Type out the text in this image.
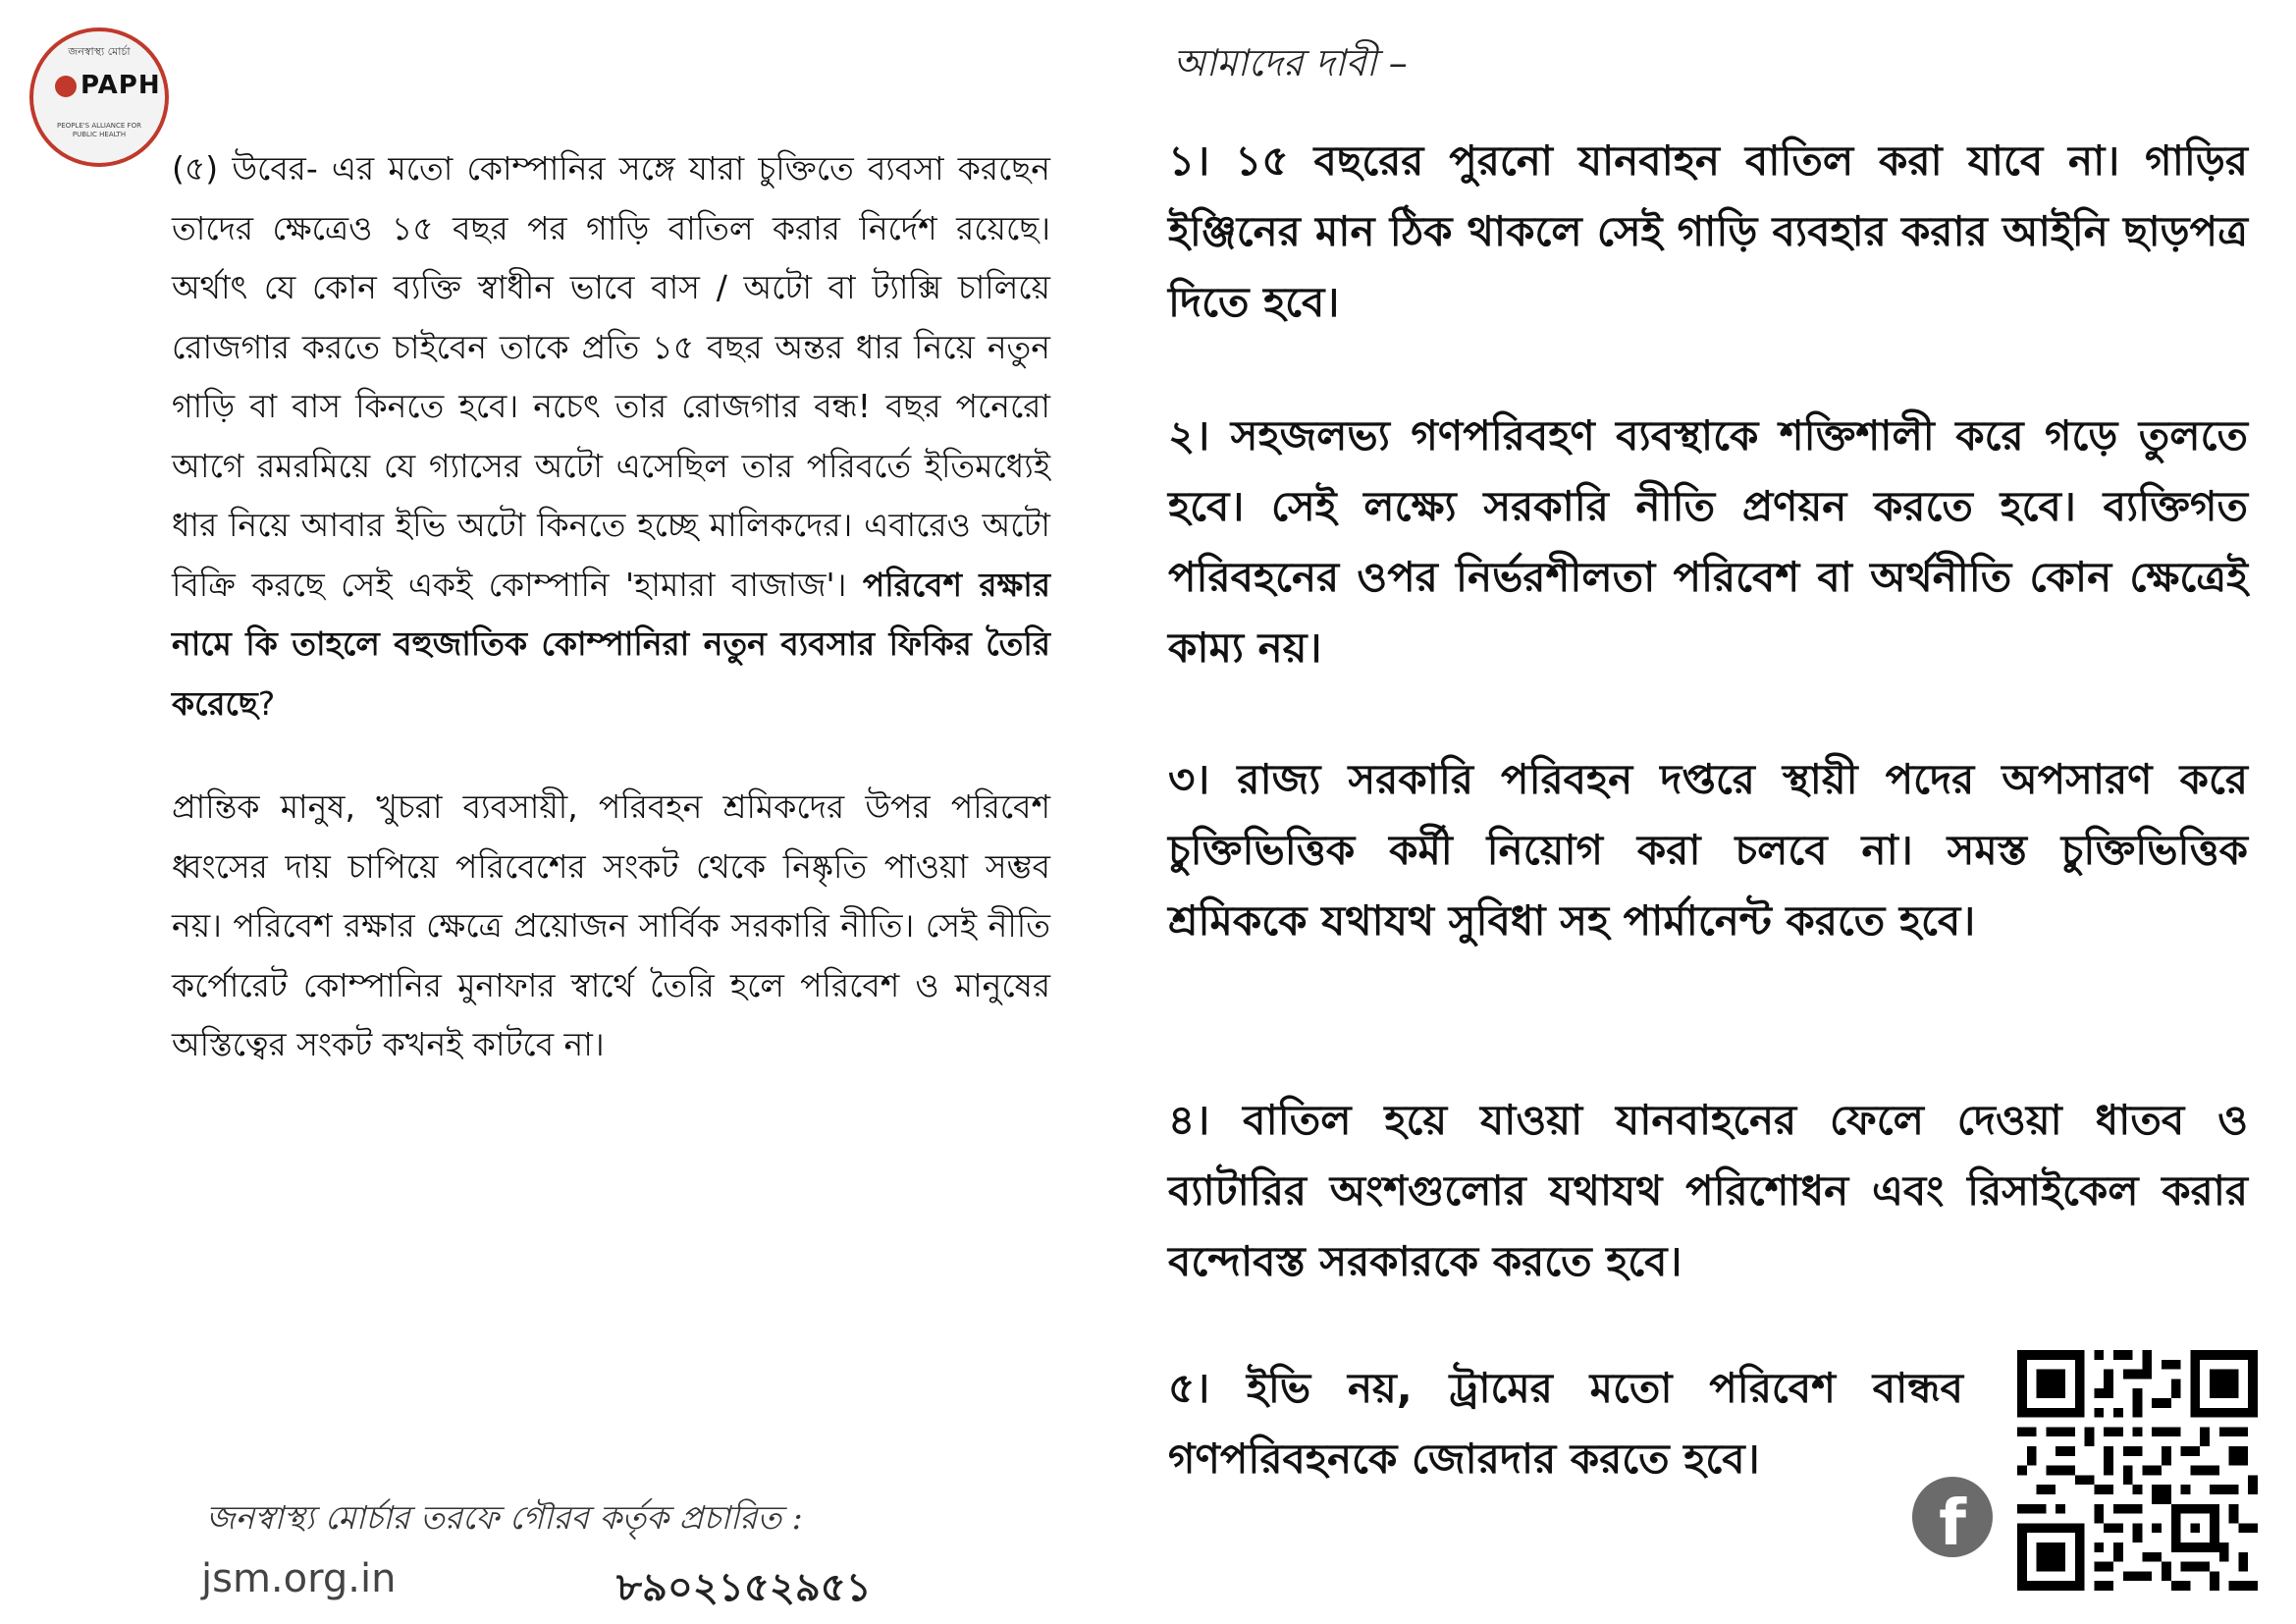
জনস্বাস্থ্য মোর্চা
PAPH
PEOPLE'S ALLIANCE FOR PUBLIC HEALTH

(৫) উবের- এর মতো কোম্পানির সঙ্গে যারা চুক্তিতে ব্যবসা করছেন তাদের ক্ষেত্রেও ১৫ বছর পর গাড়ি বাতিল করার নির্দেশ রয়েছে। অর্থাৎ যে কোন ব্যক্তি স্বাধীন ভাবে বাস / অটো বা ট্যাক্সি চালিয়ে রোজগার করতে চাইবেন তাকে প্রতি ১৫ বছর অন্তর ধার নিয়ে নতুন গাড়ি বা বাস কিনতে হবে। নচেৎ তার রোজগার বন্ধ! বছর পনেরো আগে রমরমিয়ে যে গ্যাসের অটো এসেছিল তার পরিবর্তে ইতিমধ্যেই ধার নিয়ে আবার ইভি অটো কিনতে হচ্ছে মালিকদের। এবারেও অটো বিক্রি করছে সেই একই কোম্পানি 'হামারা বাজাজ'। পরিবেশ রক্ষার নামে কি তাহলে বহুজাতিক কোম্পানিরা নতুন ব্যবসার ফিকির তৈরি করেছে?

প্রান্তিক মানুষ, খুচরা ব্যবসায়ী, পরিবহন শ্রমিকদের উপর পরিবেশ ধ্বংসের দায় চাপিয়ে পরিবেশের সংকট থেকে নিষ্কৃতি পাওয়া সম্ভব নয়। পরিবেশ রক্ষার ক্ষেত্রে প্রয়োজন সার্বিক সরকারি নীতি। সেই নীতি কর্পোরেট কোম্পানির মুনাফার স্বার্থে তৈরি হলে পরিবেশ ও মানুষের অস্তিত্বের সংকট কখনই কাটবে না।

জনস্বাস্থ্য মোর্চার তরফে গৌরব কর্তৃক প্রচারিত :
jsm.org.in	৮৯০২১৫২৯৫১
আমাদের দাবী –

১। ১৫ বছরের পুরনো যানবাহন বাতিল করা যাবে না। গাড়ির ইঞ্জিনের মান ঠিক থাকলে সেই গাড়ি ব্যবহার করার আইনি ছাড়পত্র দিতে হবে।

২। সহজলভ্য গণপরিবহণ ব্যবস্থাকে শক্তিশালী করে গড়ে তুলতে হবে। সেই লক্ষ্যে সরকারি নীতি প্রণয়ন করতে হবে। ব্যক্তিগত পরিবহনের ওপর নির্ভরশীলতা পরিবেশ বা অর্থনীতি কোন ক্ষেত্রেই কাম্য নয়।

৩। রাজ্য সরকারি পরিবহন দপ্তরে স্থায়ী পদের অপসারণ করে চুক্তিভিত্তিক কর্মী নিয়োগ করা চলবে না। সমস্ত চুক্তিভিত্তিক শ্রমিককে যথাযথ সুবিধা সহ পার্মানেন্ট করতে হবে।

৪। বাতিল হয়ে যাওয়া যানবাহনের ফেলে দেওয়া ধাতব ও ব্যাটারির অংশগুলোর যথাযথ পরিশোধন এবং রিসাইকেল করার বন্দোবস্ত সরকারকে করতে হবে।

৫। ইভি নয়, ট্রামের মতো পরিবেশ বান্ধব গণপরিবহনকে জোরদার করতে হবে।

f
